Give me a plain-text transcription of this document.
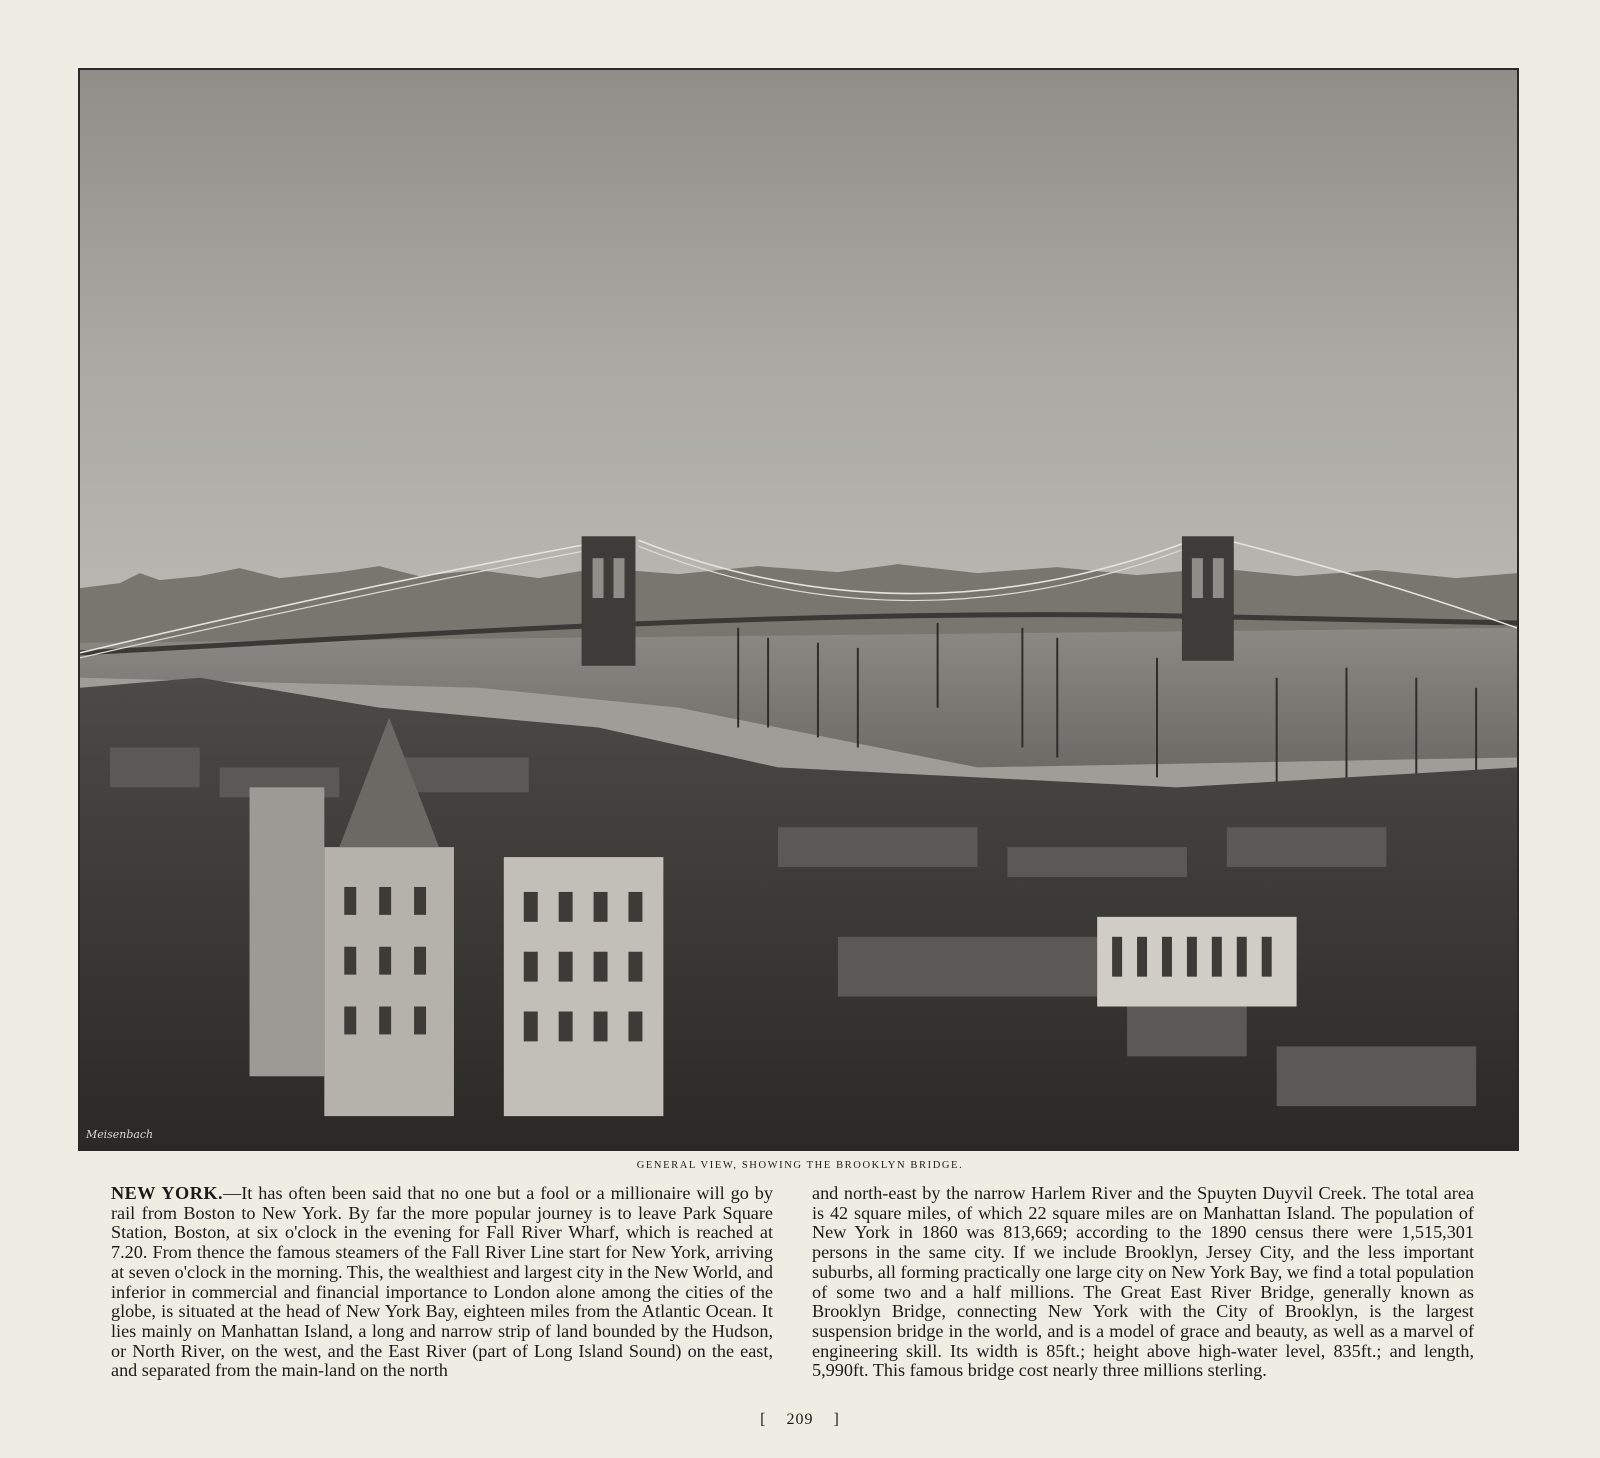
Meisenbach
GENERAL VIEW, SHOWING THE BROOKLYN BRIDGE.

NEW YORK.—It has often been said that no one but a fool or a millionaire will go by rail from Boston to New York. By far the more popular journey is to leave Park Square Station, Boston, at six o'clock in the evening for Fall River Wharf, which is reached at 7.20. From thence the famous steamers of the Fall River Line start for New York, arriving at seven o'clock in the morning. This, the wealthiest and largest city in the New World, and inferior in commercial and financial importance to London alone among the cities of the globe, is situated at the head of New York Bay, eighteen miles from the Atlantic Ocean. It lies mainly on Manhattan Island, a long and narrow strip of land bounded by the Hudson, or North River, on the west, and the East River (part of Long Island Sound) on the east, and separated from the main-land on the north

and north-east by the narrow Harlem River and the Spuyten Duyvil Creek. The total area is 42 square miles, of which 22 square miles are on Manhattan Island. The population of New York in 1860 was 813,669; according to the 1890 census there were 1,515,301 persons in the same city. If we include Brooklyn, Jersey City, and the less important suburbs, all forming practically one large city on New York Bay, we find a total population of some two and a half millions. The Great East River Bridge, generally known as Brooklyn Bridge, connecting New York with the City of Brooklyn, is the largest suspension bridge in the world, and is a model of grace and beauty, as well as a marvel of engineering skill. Its width is 85ft.; height above high-water level, 835ft.; and length, 5,990ft. This famous bridge cost nearly three millions sterling.

[ 209 ]
